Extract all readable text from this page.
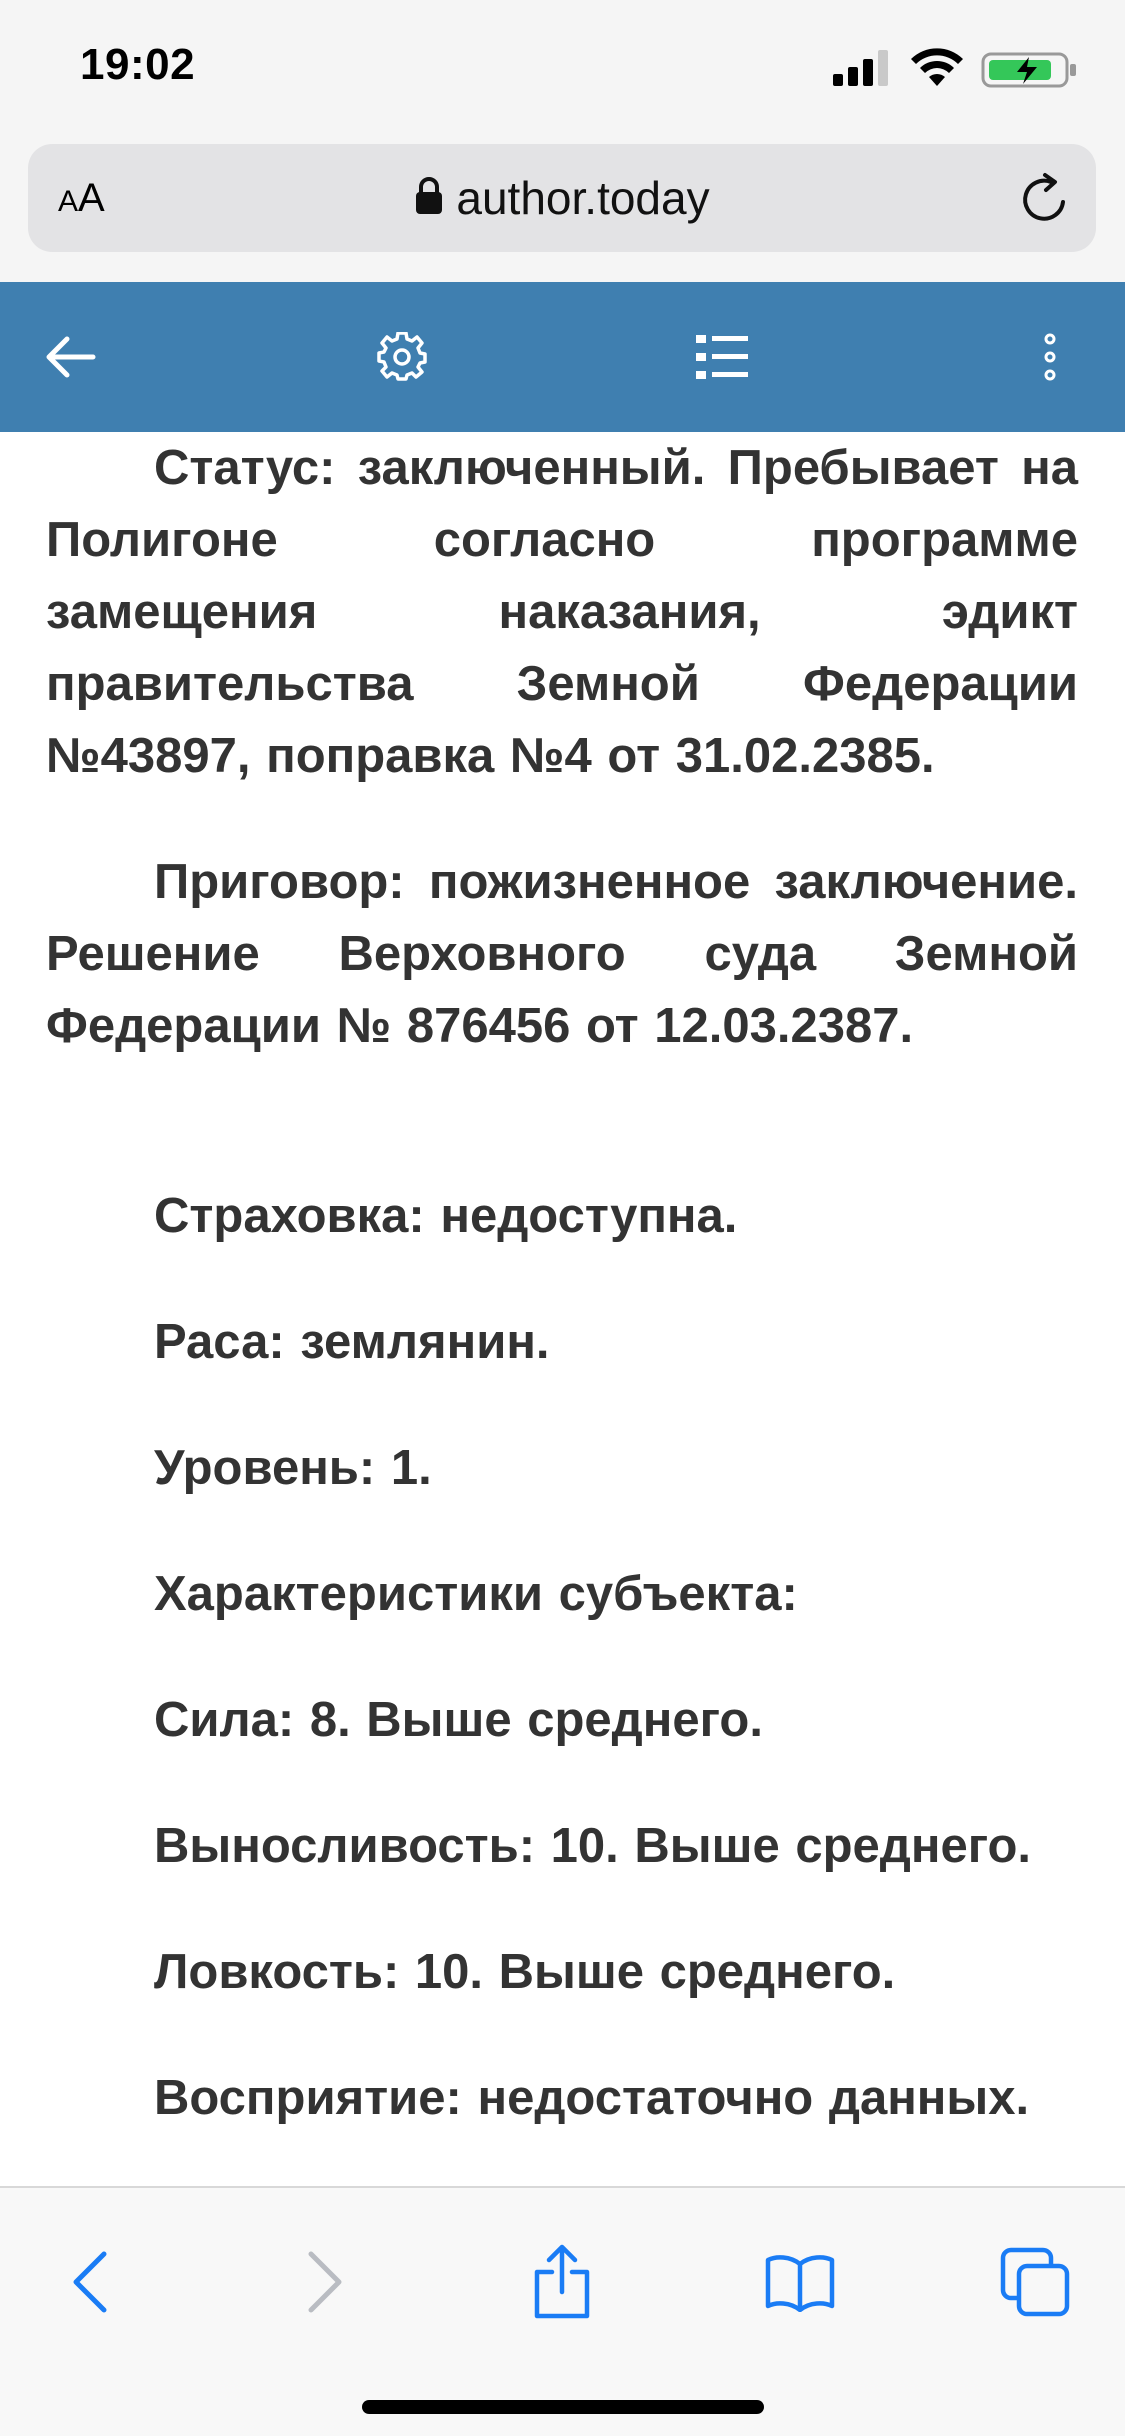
19:02
AA	author.today

Статус: заключенный. Пребывает на Полигоне согласно программе замещения наказания, эдикт правительства Земной Федерации №43897, поправка №4 от 31.02.2385.

Приговор: пожизненное заключение. Решение Верховного суда Земной Федерации № 876456 от 12.03.2387.

Страховка: недоступна.

Раса: землянин.

Уровень: 1.

Характеристики субъекта:

Сила: 8. Выше среднего.

Выносливость: 10. Выше среднего.

Ловкость: 10. Выше среднего.

Восприятие: недостаточно данных.
